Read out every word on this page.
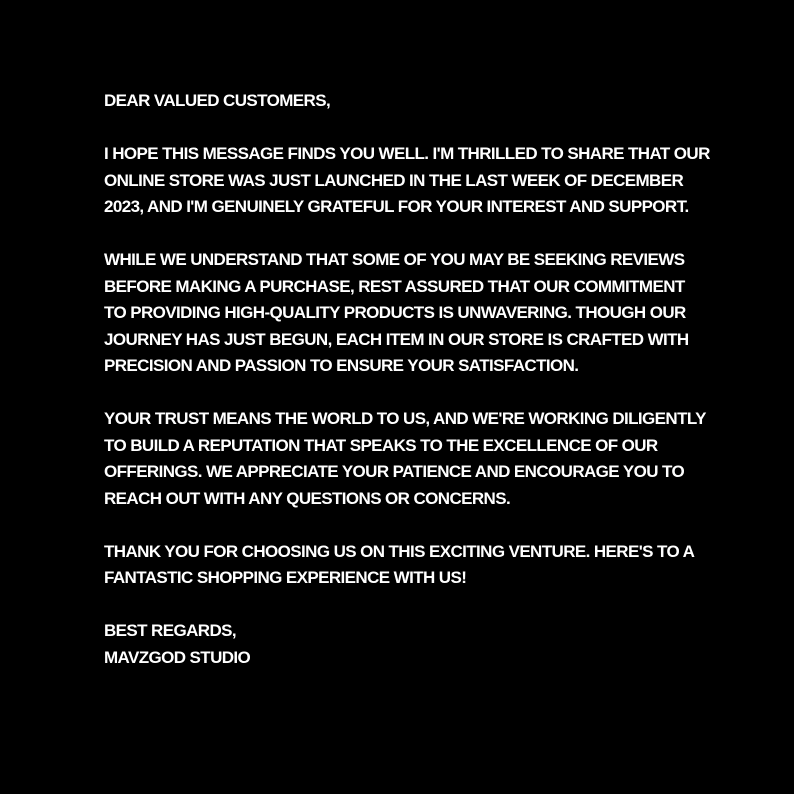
DEAR VALUED CUSTOMERS,
I HOPE THIS MESSAGE FINDS YOU WELL. I'M THRILLED TO SHARE THAT OUR
ONLINE STORE WAS JUST LAUNCHED IN THE LAST WEEK OF DECEMBER
2023, AND I'M GENUINELY GRATEFUL FOR YOUR INTEREST AND SUPPORT.
WHILE WE UNDERSTAND THAT SOME OF YOU MAY BE SEEKING REVIEWS
BEFORE MAKING A PURCHASE, REST ASSURED THAT OUR COMMITMENT
TO PROVIDING HIGH-QUALITY PRODUCTS IS UNWAVERING. THOUGH OUR
JOURNEY HAS JUST BEGUN, EACH ITEM IN OUR STORE IS CRAFTED WITH
PRECISION AND PASSION TO ENSURE YOUR SATISFACTION.
YOUR TRUST MEANS THE WORLD TO US, AND WE'RE WORKING DILIGENTLY
TO BUILD A REPUTATION THAT SPEAKS TO THE EXCELLENCE OF OUR
OFFERINGS. WE APPRECIATE YOUR PATIENCE AND ENCOURAGE YOU TO
REACH OUT WITH ANY QUESTIONS OR CONCERNS.
THANK YOU FOR CHOOSING US ON THIS EXCITING VENTURE. HERE'S TO A
FANTASTIC SHOPPING EXPERIENCE WITH US!
BEST REGARDS,
MAVZGOD STUDIO
